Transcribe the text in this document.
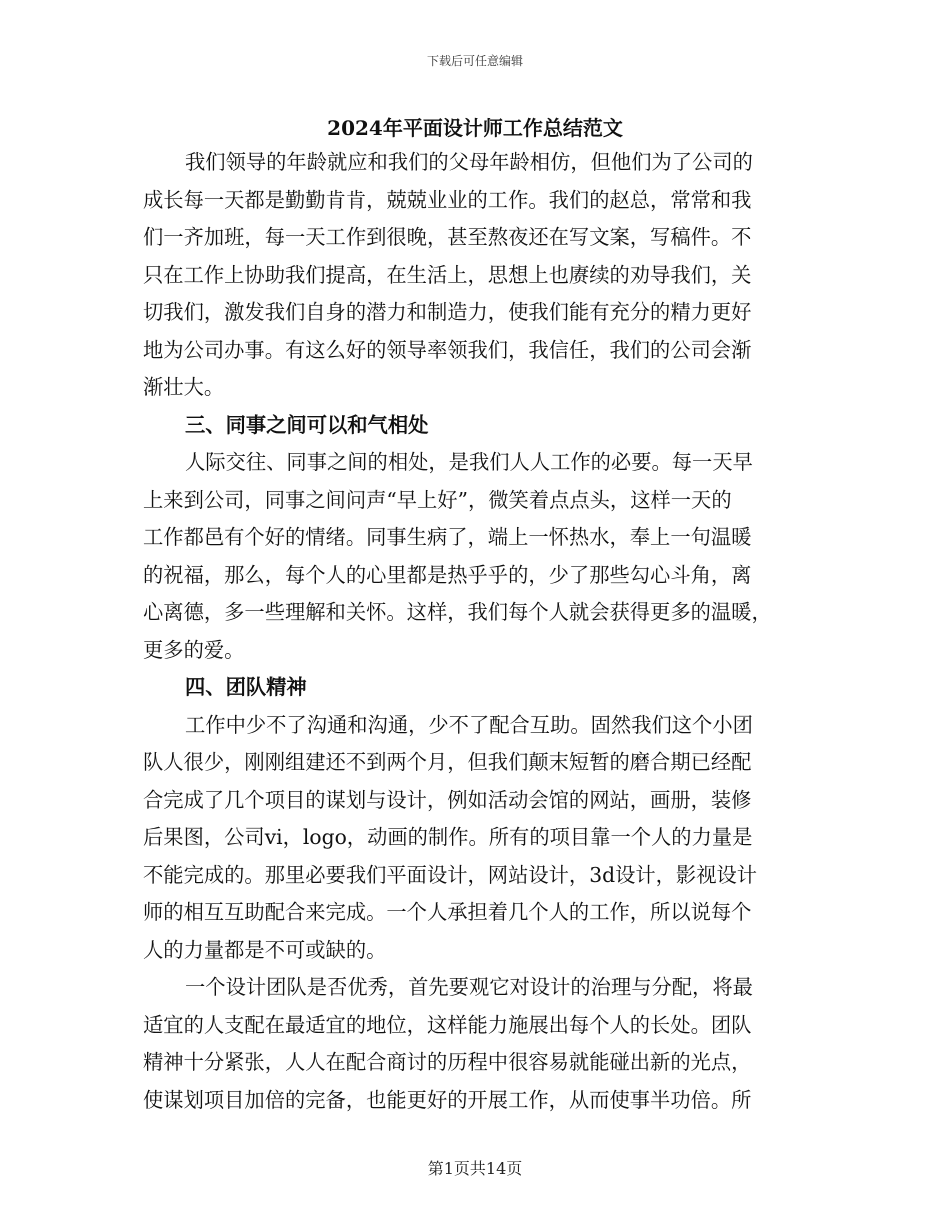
下载后可任意编辑
2024年平面设计师工作总结范文
我们领导的年龄就应和我们的父母年龄相仿，但他们为了公司的
成长每一天都是勤勤肯肯，兢兢业业的工作。我们的赵总，常常和我
们一齐加班，每一天工作到很晚，甚至熬夜还在写文案，写稿件。不
只在工作上协助我们提高，在生活上，思想上也赓续的劝导我们，关
切我们，激发我们自身的潜力和制造力，使我们能有充分的精力更好
地为公司办事。有这么好的领导率领我们，我信任，我们的公司会渐
渐壮大。
三、同事之间可以和气相处
人际交往、同事之间的相处，是我们人人工作的必要。每一天早
上来到公司，同事之间问声“早上好”，微笑着点点头，这样一天的
工作都邑有个好的情绪。同事生病了，端上一怀热水，奉上一句温暖
的祝福，那么，每个人的心里都是热乎乎的，少了那些勾心斗角，离
心离德，多一些理解和关怀。这样，我们每个人就会获得更多的温暖，
更多的爱。
四、团队精神
工作中少不了沟通和沟通，少不了配合互助。固然我们这个小团
队人很少，刚刚组建还不到两个月，但我们颠末短暂的磨合期已经配
合完成了几个项目的谋划与设计，例如活动会馆的网站，画册，装修
后果图，公司vi，logo，动画的制作。所有的项目靠一个人的力量是
不能完成的。那里必要我们平面设计，网站设计，3d设计，影视设计
师的相互互助配合来完成。一个人承担着几个人的工作，所以说每个
人的力量都是不可或缺的。
一个设计团队是否优秀，首先要观它对设计的治理与分配，将最
适宜的人支配在最适宜的地位，这样能力施展出每个人的长处。团队
精神十分紧张，人人在配合商讨的历程中很容易就能碰出新的光点，
使谋划项目加倍的完备，也能更好的开展工作，从而使事半功倍。所
第1页共14页
